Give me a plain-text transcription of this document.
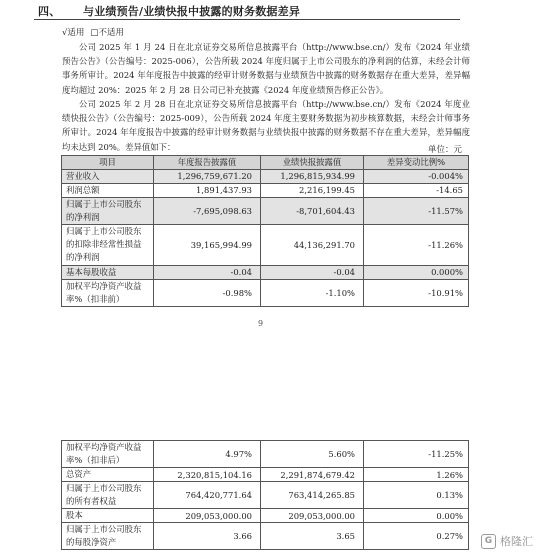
四、 与业绩预告/业绩快报中披露的财务数据差异
√适用 □不适用
公司 2025 年 1 月 24 日在北京证券交易所信息披露平台（http://www.bse.cn/）发布《2024 年业绩预告公告》（公告编号：2025-006），公告所载 2024 年度归属于上市公司股东的净利润的估算，未经会计师事务所审计。2024 年年度报告中披露的经审计财务数据与业绩预告中披露的财务数据存在重大差异，差异幅度均超过 20%：2025 年 2 月 28 日公司已补充披露《2024 年度业绩预告修正公告》。
公司 2025 年 2 月 28 日在北京证券交易所信息披露平台（http://www.bse.cn/）发布《2024 年度业绩快报公告》（公告编号：2025-009），公告所载 2024 年度主要财务数据为初步核算数据，未经会计师事务所审计。2024 年年度报告中披露的经审计财务数据与业绩快报中披露的财务数据不存在重大差异，差异幅度均未达到 20%。差异值如下：	单位：元
项目	年度报告披露值	业绩快报披露值	差异变动比例%
营业收入	1,296,759,671.20	1,296,815,934.99	-0.004%
利润总额	1,891,437.93	2,216,199.45	-14.65
归属于上市公司股东的净利润	-7,695,098.63	-8,701,604.43	-11.57%
归属于上市公司股东的扣除非经常性损益的净利润	39,165,994.99	44,136,291.70	-11.26%
基本每股收益	-0.04	-0.04	0.000%
加权平均净资产收益率%（扣非前）	-0.98%	-1.10%	-10.91%
9
加权平均净资产收益率%（扣非后）	4.97%	5.60%	-11.25%
总资产	2,320,815,104.16	2,291,874,679.42	1.26%
归属于上市公司股东的所有者权益	764,420,771.64	763,414,265.85	0.13%
股本	209,053,000.00	209,053,000.00	0.00%
归属于上市公司股东的每股净资产	3.66	3.65	0.27%	G 格隆汇
